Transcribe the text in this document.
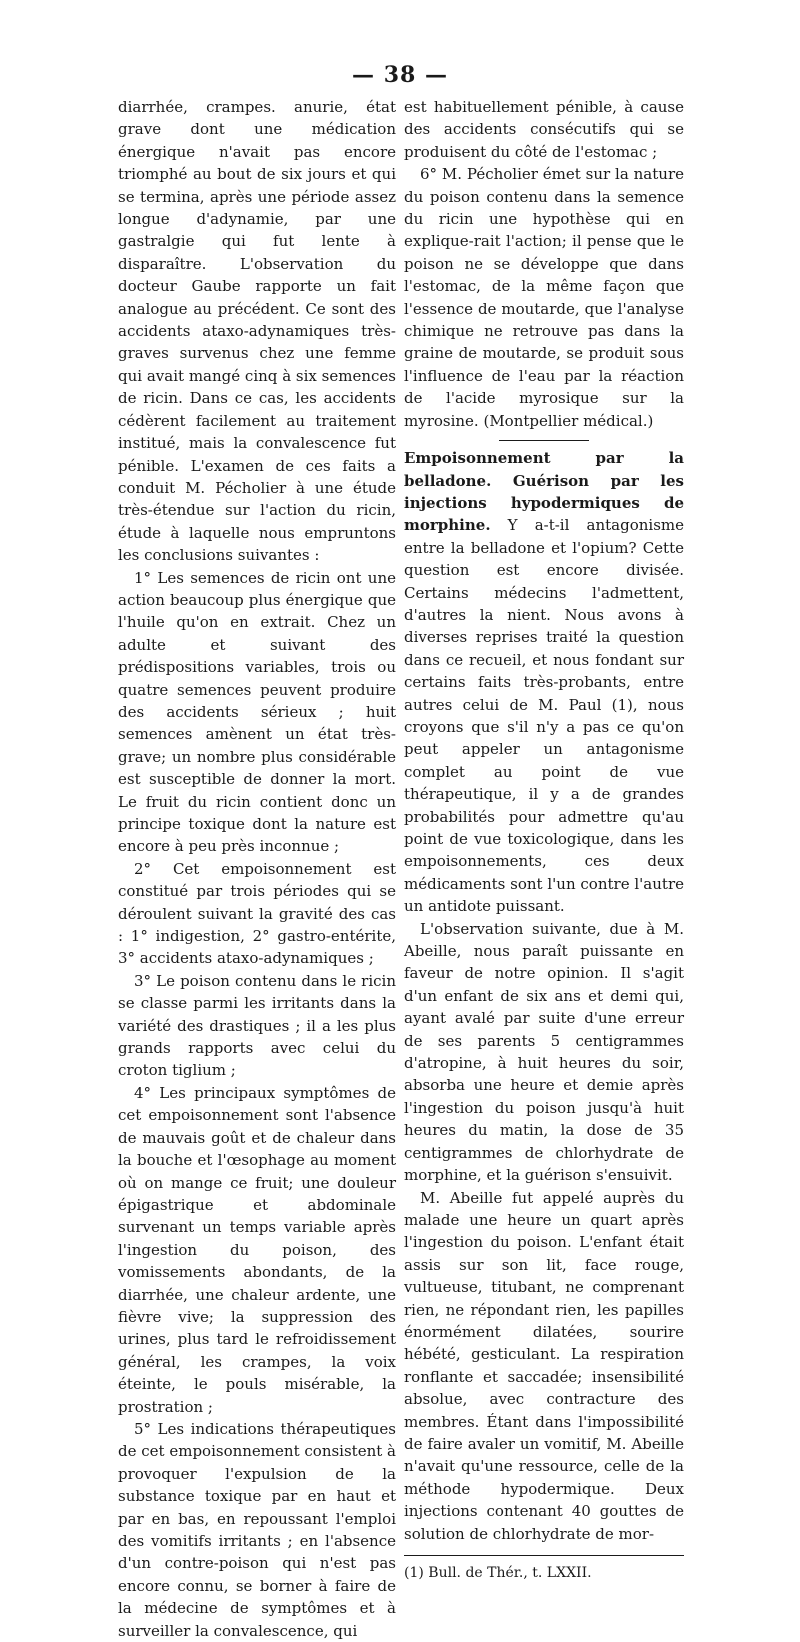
— 38 —

diarrhée, crampes. anurie, état grave dont une médication énergique n'avait pas encore triomphé au bout de six jours et qui se termina, après une période assez longue d'adynamie, par une gastralgie qui fut lente à disparaître. L'observation du docteur Gaube rapporte un fait analogue au précédent. Ce sont des accidents ataxo-adynamiques très-graves survenus chez une femme qui avait mangé cinq à six semences de ricin. Dans ce cas, les accidents cédèrent facilement au traitement institué, mais la convalescence fut pénible. L'examen de ces faits a conduit M. Pécholier à une étude très-étendue sur l'action du ricin, étude à laquelle nous empruntons les conclusions suivantes :

1° Les semences de ricin ont une action beaucoup plus énergique que l'huile qu'on en extrait. Chez un adulte et suivant des prédispositions variables, trois ou quatre semences peuvent produire des accidents sérieux ; huit semences amènent un état très-grave; un nombre plus considérable est susceptible de donner la mort. Le fruit du ricin contient donc un principe toxique dont la nature est encore à peu près inconnue ;

2° Cet empoisonnement est constitué par trois périodes qui se déroulent suivant la gravité des cas : 1° indigestion, 2° gastro-entérite, 3° accidents ataxo-adynamiques ;

3° Le poison contenu dans le ricin se classe parmi les irritants dans la variété des drastiques ; il a les plus grands rapports avec celui du croton tiglium ;

4° Les principaux symptômes de cet empoisonnement sont l'absence de mauvais goût et de chaleur dans la bouche et l'œsophage au moment où on mange ce fruit; une douleur épigastrique et abdominale survenant un temps variable après l'ingestion du poison, des vomissements abondants, de la diarrhée, une chaleur ardente, une fièvre vive; la suppression des urines, plus tard le refroidissement général, les crampes, la voix éteinte, le pouls misérable, la prostration ;

5° Les indications thérapeutiques de cet empoisonnement consistent à provoquer l'expulsion de la substance toxique par en haut et par en bas, en repoussant l'emploi des vomitifs irritants ; en l'absence d'un contre-poison qui n'est pas encore connu, se borner à faire de la médecine de symptômes et à surveiller la convalescence, qui

est habituellement pénible, à cause des accidents consécutifs qui se produisent du côté de l'estomac ;

6° M. Pécholier émet sur la nature du poison contenu dans la semence du ricin une hypothèse qui en explique-rait l'action; il pense que le poison ne se développe que dans l'estomac, de la même façon que l'essence de moutarde, que l'analyse chimique ne retrouve pas dans la graine de moutarde, se produit sous l'influence de l'eau par la réaction de l'acide myrosique sur la myrosine. (Montpellier médical.)

Empoisonnement par la belladone. Guérison par les injections hypodermiques de morphine. Y a-t-il antagonisme entre la belladone et l'opium? Cette question est encore divisée. Certains médecins l'admettent, d'autres la nient. Nous avons à diverses reprises traité la question dans ce recueil, et nous fondant sur certains faits très-probants, entre autres celui de M. Paul (1), nous croyons que s'il n'y a pas ce qu'on peut appeler un antagonisme complet au point de vue thérapeutique, il y a de grandes probabilités pour admettre qu'au point de vue toxicologique, dans les empoisonnements, ces deux médicaments sont l'un contre l'autre un antidote puissant.

L'observation suivante, due à M. Abeille, nous paraît puissante en faveur de notre opinion. Il s'agit d'un enfant de six ans et demi qui, ayant avalé par suite d'une erreur de ses parents 5 centigrammes d'atropine, à huit heures du soir, absorba une heure et demie après l'ingestion du poison jusqu'à huit heures du matin, la dose de 35 centigrammes de chlorhydrate de morphine, et la guérison s'ensuivit.

M. Abeille fut appelé auprès du malade une heure un quart après l'ingestion du poison. L'enfant était assis sur son lit, face rouge, vultueuse, titubant, ne comprenant rien, ne répondant rien, les papilles énormément dilatées, sourire hébété, gesticulant. La respiration ronflante et saccadée; insensibilité absolue, avec contracture des membres. Étant dans l'impossibilité de faire avaler un vomitif, M. Abeille n'avait qu'une ressource, celle de la méthode hypodermique. Deux injections contenant 40 gouttes de solution de chlorhydrate de mor-

(1) Bull. de Thér., t. LXXII.
